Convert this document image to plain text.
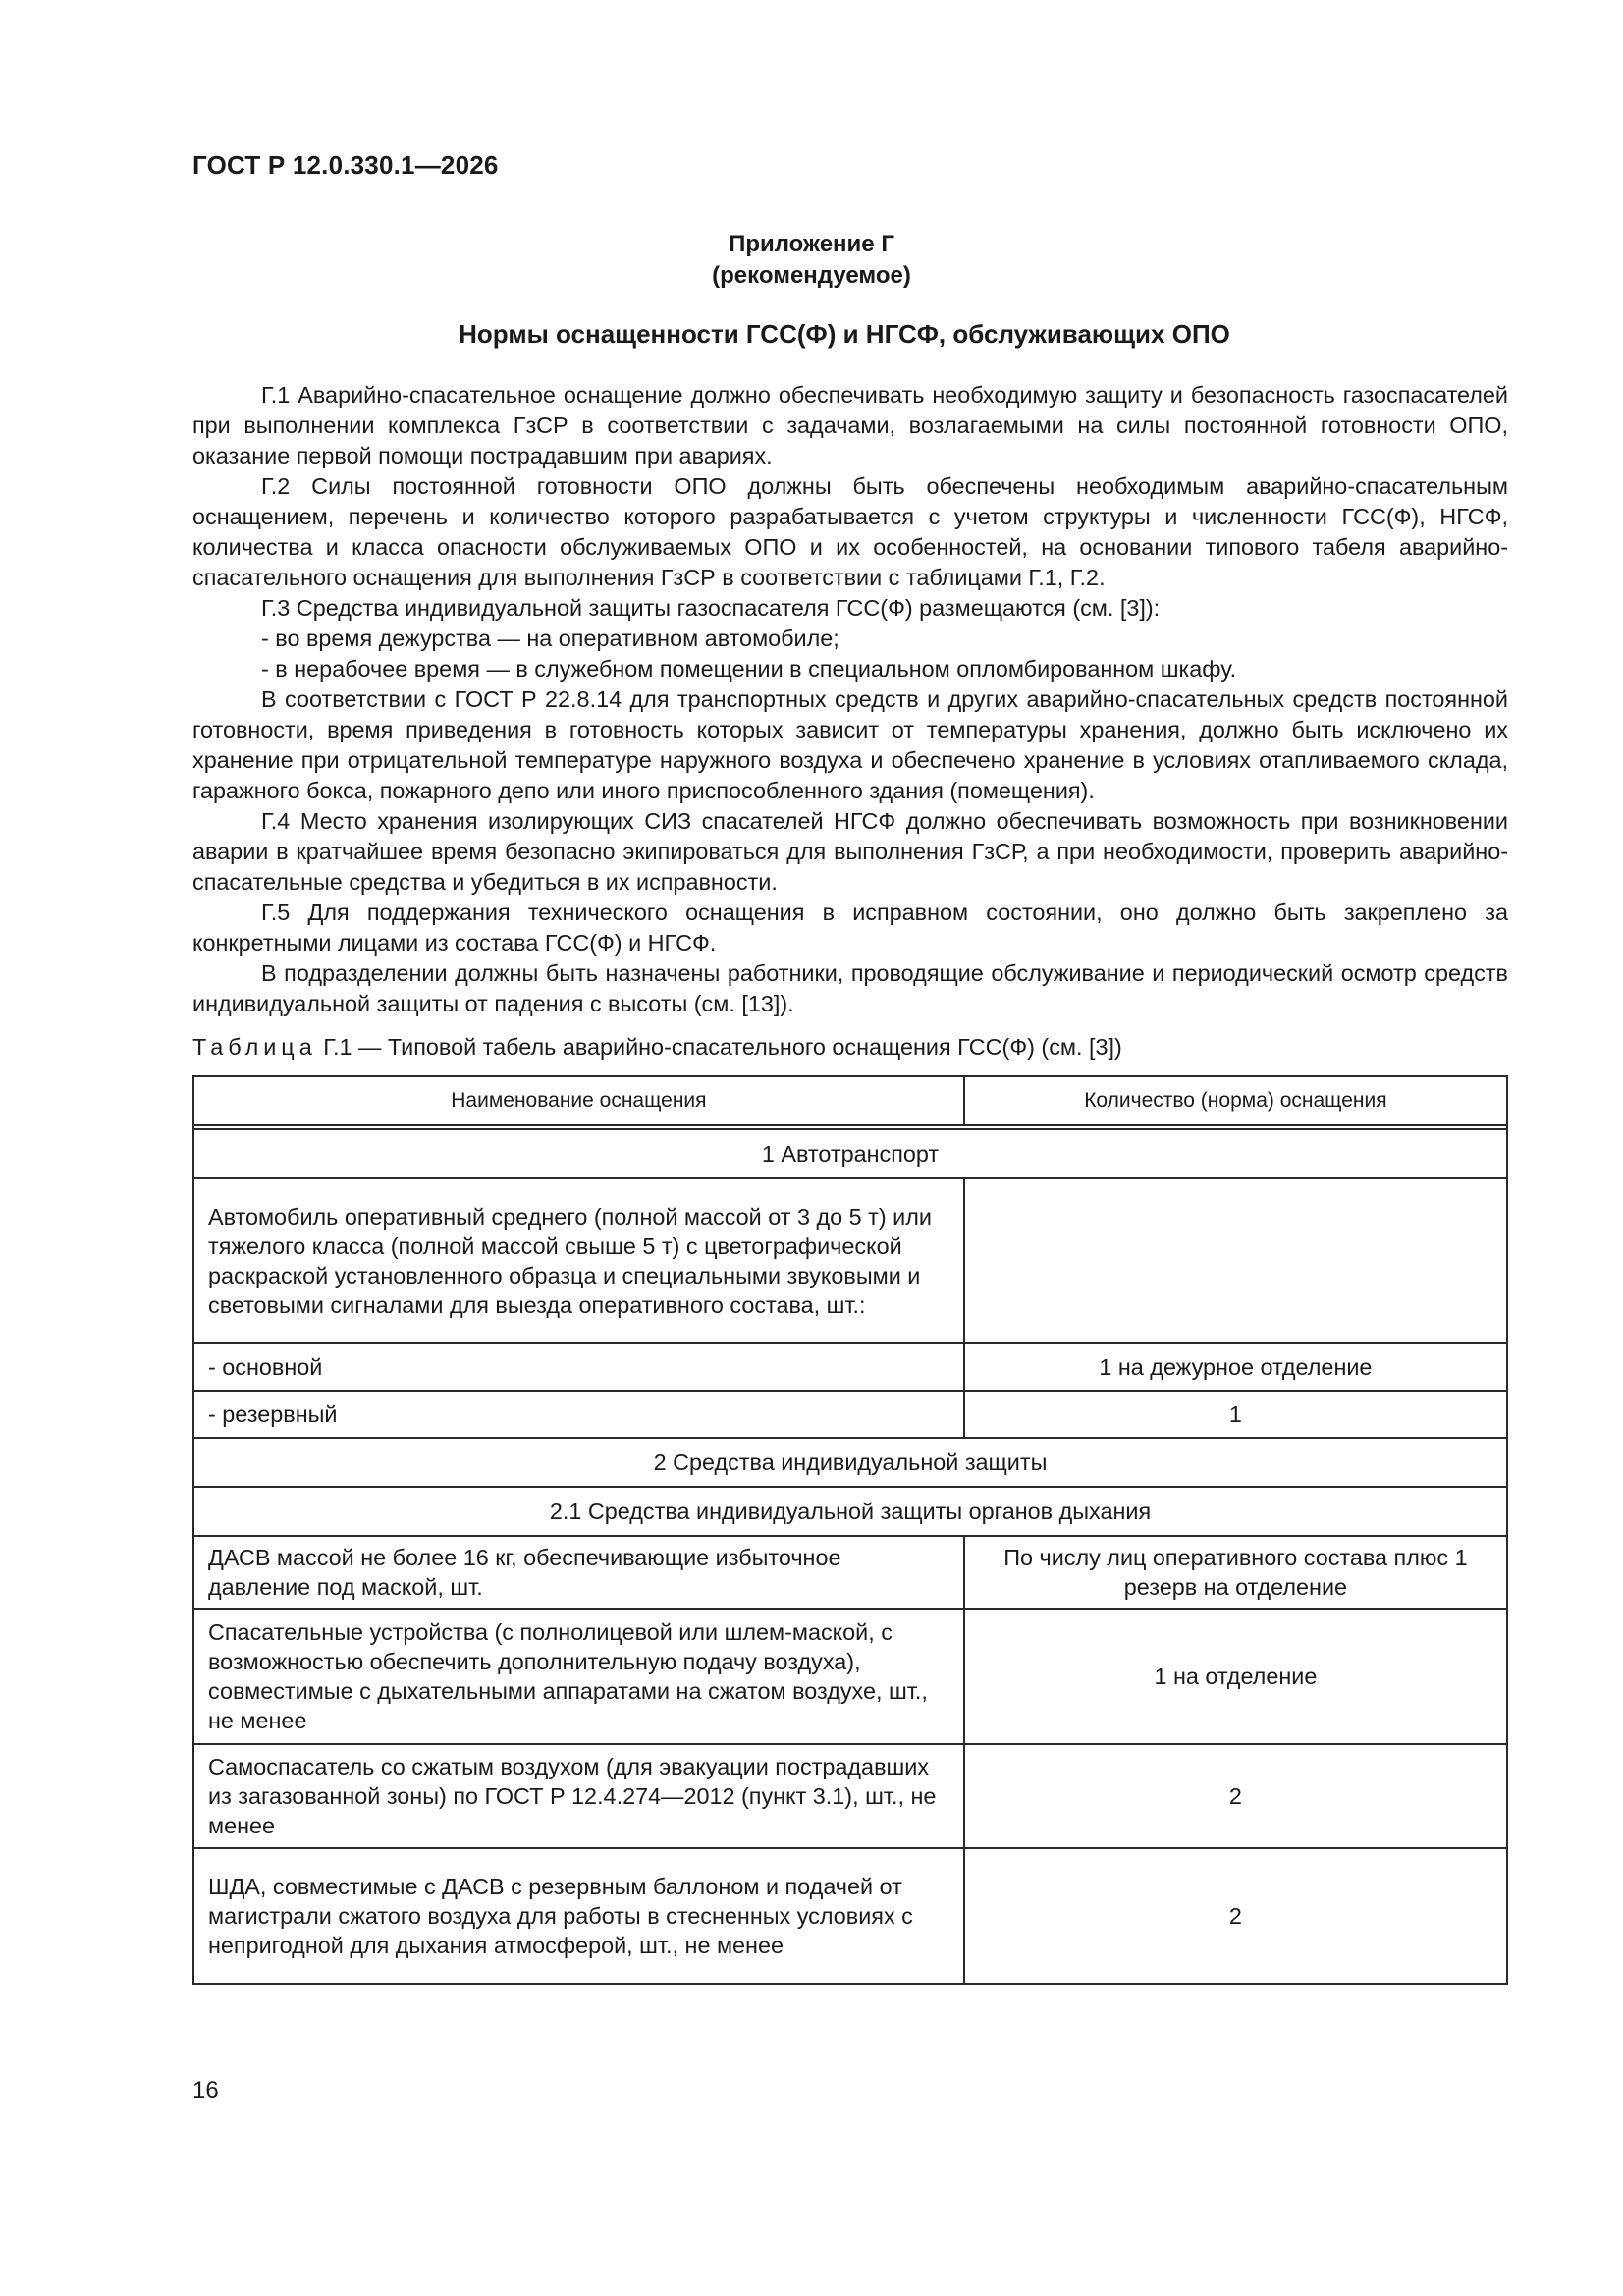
ГОСТ Р 12.0.330.1—2026
Приложение Г
(рекомендуемое)
Нормы оснащенности ГСС(Ф) и НГСФ, обслуживающих ОПО

Г.1 Аварийно-спасательное оснащение должно обеспечивать необходимую защиту и безопасность газоспасателей при выполнении комплекса ГзСР в соответствии с задачами, возлагаемыми на силы постоянной готовности ОПО, оказание первой помощи пострадавшим при авариях.

Г.2 Силы постоянной готовности ОПО должны быть обеспечены необходимым аварийно-спасательным оснащением, перечень и количество которого разрабатывается с учетом структуры и численности ГСС(Ф), НГСФ, количества и класса опасности обслуживаемых ОПО и их особенностей, на основании типового табеля аварийно-спасательного оснащения для выполнения ГзСР в соответствии с таблицами Г.1, Г.2.

Г.3 Средства индивидуальной защиты газоспасателя ГСС(Ф) размещаются (см. [3]):

- во время дежурства — на оперативном автомобиле;

- в нерабочее время — в служебном помещении в специальном опломбированном шкафу.

В соответствии с ГОСТ Р 22.8.14 для транспортных средств и других аварийно-спасательных средств постоянной готовности, время приведения в готовность которых зависит от температуры хранения, должно быть исключено их хранение при отрицательной температуре наружного воздуха и обеспечено хранение в условиях отапливаемого склада, гаражного бокса, пожарного депо или иного приспособленного здания (помещения).

Г.4 Место хранения изолирующих СИЗ спасателей НГСФ должно обеспечивать возможность при возникновении аварии в кратчайшее время безопасно экипироваться для выполнения ГзСР, а при необходимости, проверить аварийно-спасательные средства и убедиться в их исправности.

Г.5 Для поддержания технического оснащения в исправном состоянии, оно должно быть закреплено за конкретными лицами из состава ГСС(Ф) и НГСФ.

В подразделении должны быть назначены работники, проводящие обслуживание и периодический осмотр средств индивидуальной защиты от падения с высоты (см. [13]).

Таблица Г.1 — Типовой табель аварийно-спасательного оснащения ГСС(Ф) (см. [3])
Наименование оснащения	Количество (норма) оснащения

1 Автотранспорт	
Автомобиль оперативный среднего (полной массой от 3 до 5 т) или тяжелого класса (полной массой свыше 5 т) с цветографической раскраской установленного образца и специальными звуковыми и световыми сигналами для выезда оперативного состава, шт.:	
- основной	1 на дежурное отделение
- резервный	1
2 Средства индивидуальной защиты	
2.1 Средства индивидуальной защиты органов дыхания	
ДАСВ массой не более 16 кг, обеспечивающие избыточное давление под маской, шт.	По числу лиц оперативного состава плюс 1 резерв на отделение
Спасательные устройства (с полнолицевой или шлем-маской, с возможностью обеспечить дополнительную подачу воздуха), совместимые с дыхательными аппаратами на сжатом воздухе, шт., не менее	1 на отделение
Самоспасатель со сжатым воздухом (для эвакуации пострадавших из загазованной зоны) по ГОСТ Р 12.4.274—2012 (пункт 3.1), шт., не менее	2
ШДА, совместимые с ДАСВ с резервным баллоном и подачей от магистрали сжатого воздуха для работы в стесненных условиях с непригодной для дыхания атмосферой, шт., не менее	2
16
